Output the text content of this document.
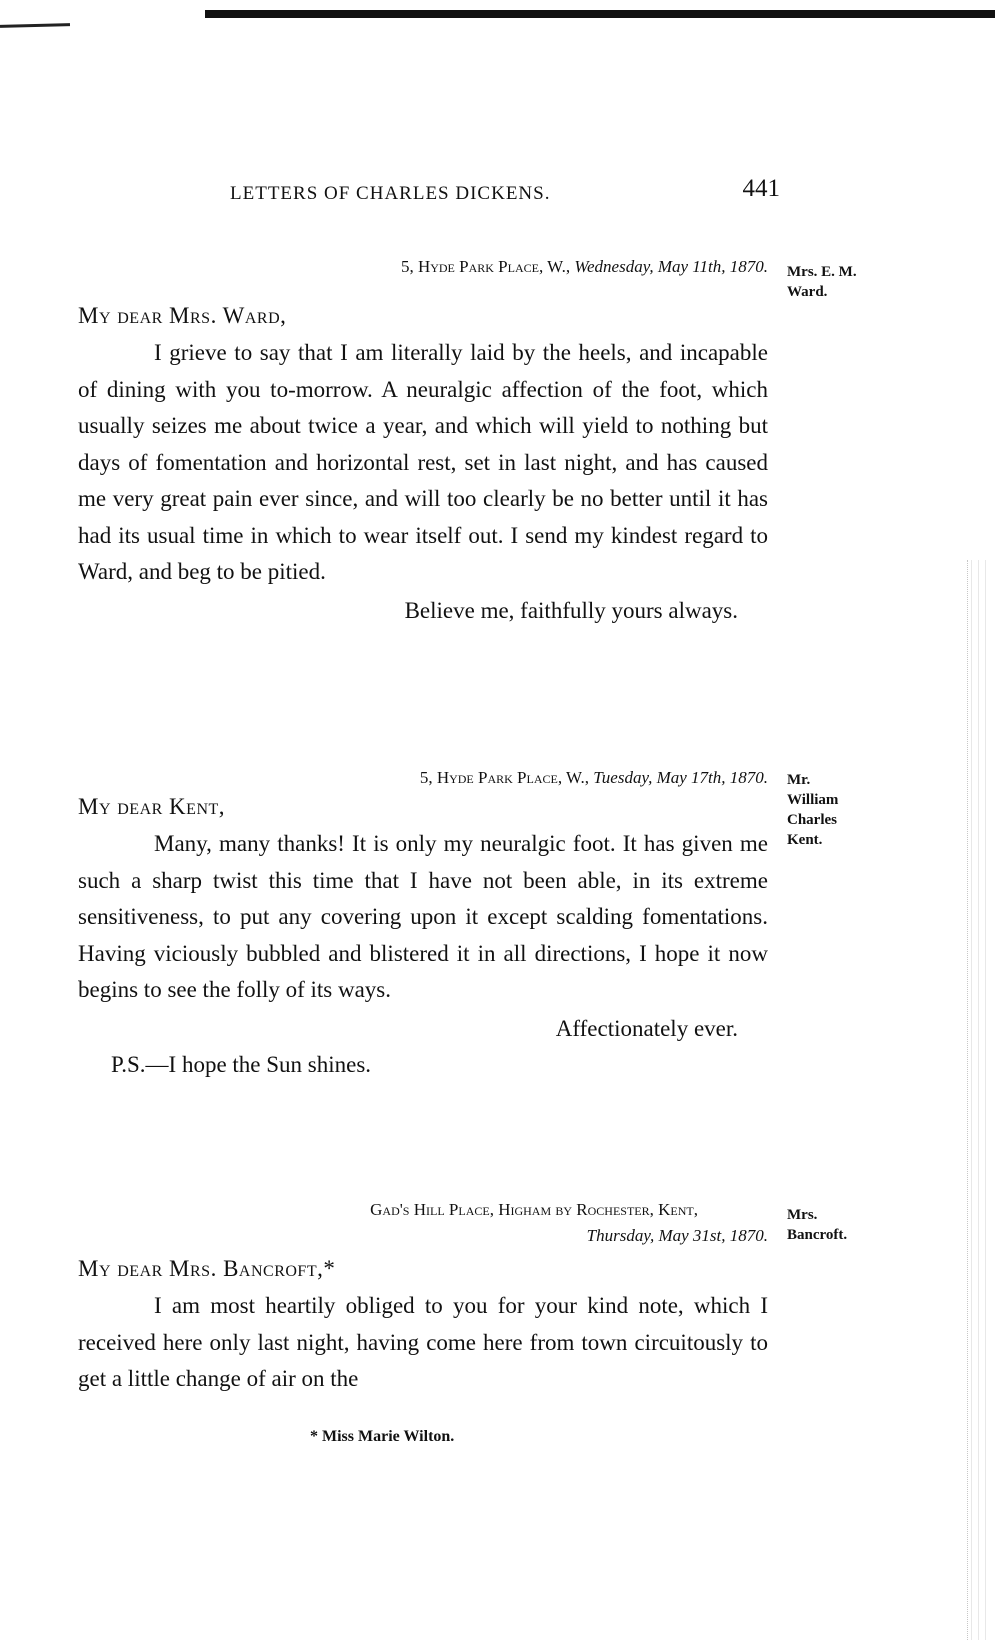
LETTERS OF CHARLES DICKENS.	441
5, Hyde Park Place, W., Wednesday, May 11th, 1870.
My dear Mrs. Ward,

I grieve to say that I am literally laid by the heels, and incapable of dining with you to-morrow. A neuralgic affection of the foot, which usually seizes me about twice a year, and which will yield to nothing but days of fomentation and horizontal rest, set in last night, and has caused me very great pain ever since, and will too clearly be no better until it has had its usual time in which to wear itself out. I send my kindest regard to Ward, and beg to be pitied.

Believe me, faithfully yours always.
Mrs. E. M. Ward.
5, Hyde Park Place, W., Tuesday, May 17th, 1870.
My dear Kent,

Many, many thanks! It is only my neuralgic foot. It has given me such a sharp twist this time that I have not been able, in its extreme sensitiveness, to put any covering upon it except scalding fomentations. Having viciously bubbled and blistered it in all directions, I hope it now begins to see the folly of its ways.

Affectionately ever.
P.S.—I hope the Sun shines.
Mr. William Charles Kent.
Gad's Hill Place, Higham by Rochester, Kent,
Thursday, May 31st, 1870.
My dear Mrs. Bancroft,*

I am most heartily obliged to you for your kind note, which I received here only last night, having come here from town circuitously to get a little change of air on the

Mrs. Bancroft.
* Miss Marie Wilton.
